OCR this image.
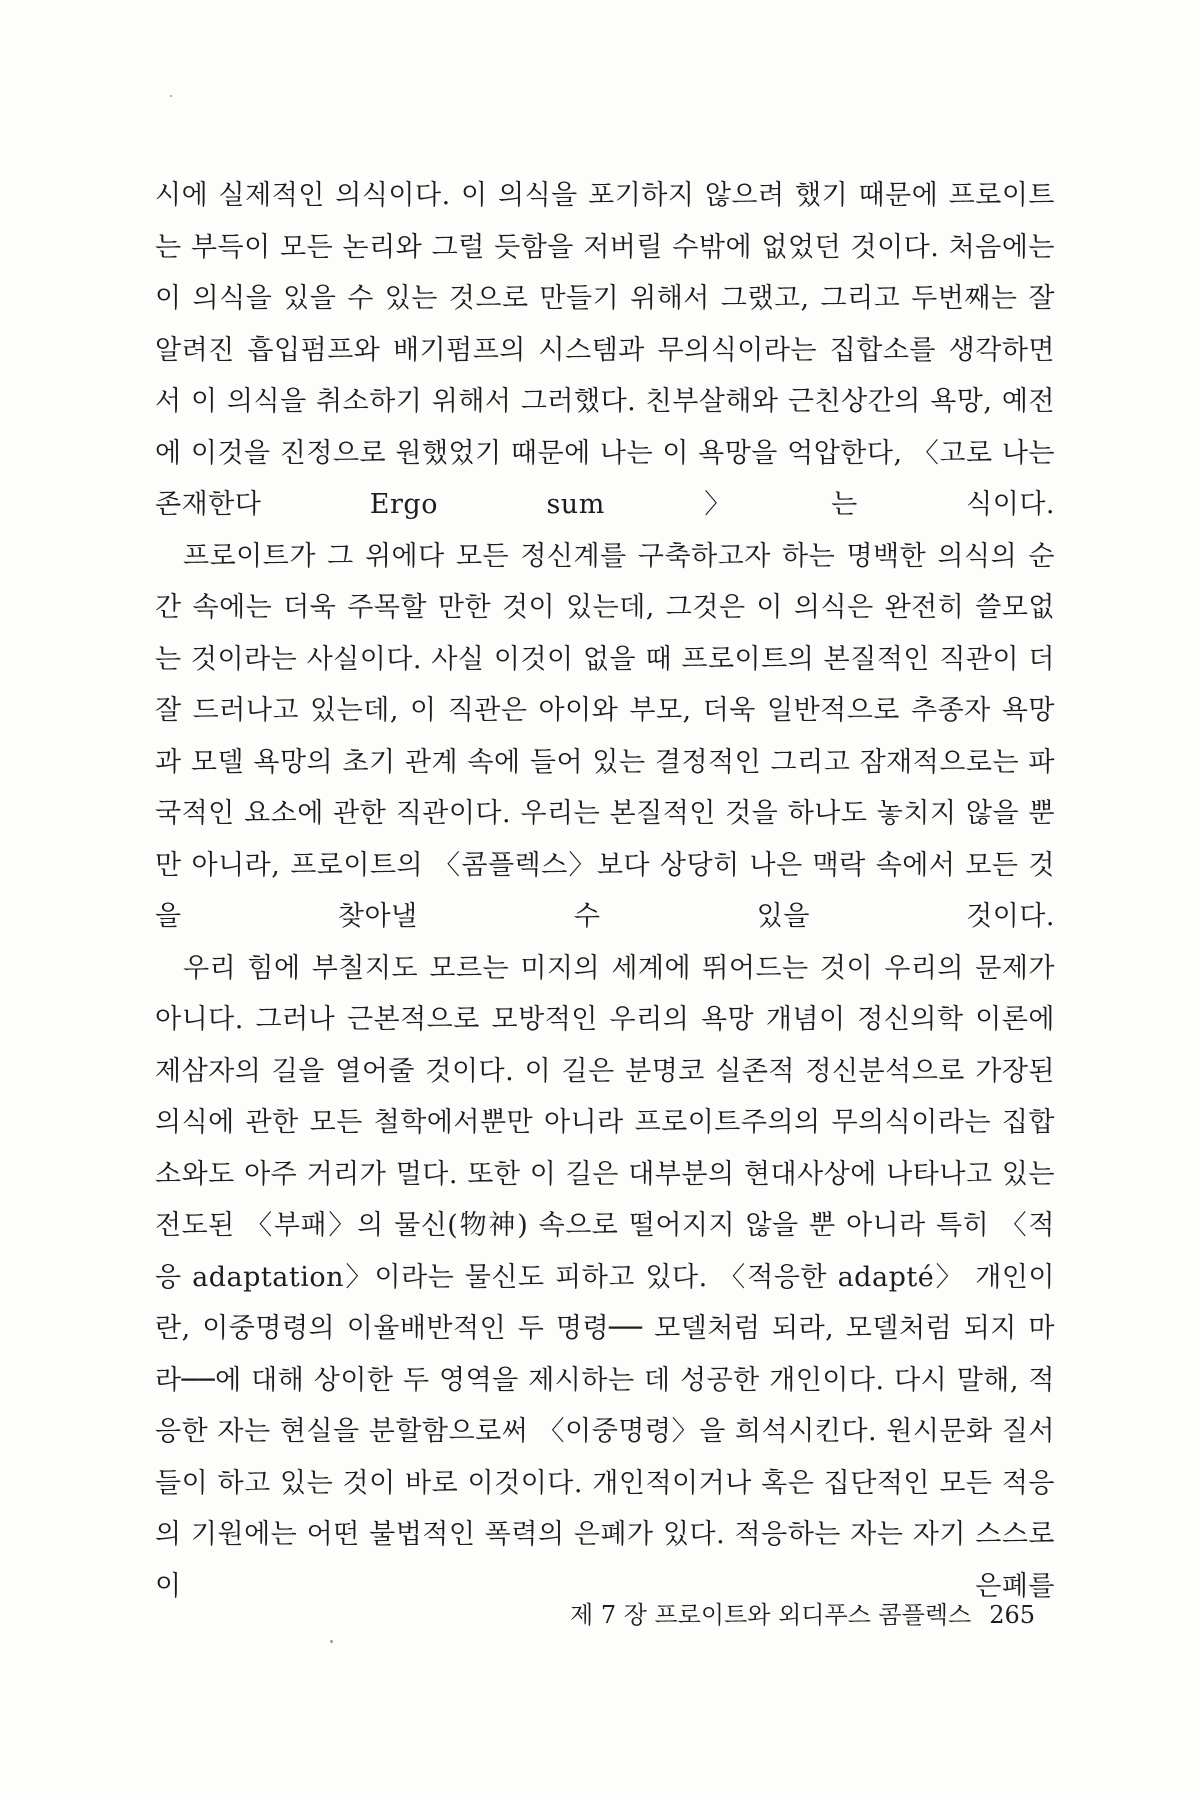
시에 실제적인 의식이다. 이 의식을 포기하지 않으려 했기 때문에 프로이트는 부득이 모든 논리와 그럴 듯함을 저버릴 수밖에 없었던 것이다. 처음에는 이 의식을 있을 수 있는 것으로 만들기 위해서 그랬고, 그리고 두번째는 잘 알려진 흡입펌프와 배기펌프의 시스템과 무의식이라는 집합소를 생각하면서 이 의식을 취소하기 위해서 그러했다. 친부살해와 근친상간의 욕망, 예전에 이것을 진정으로 원했었기 때문에 나는 이 욕망을 억압한다, 〈고로 나는 존재한다 Ergo sum〉는 식이다.

프로이트가 그 위에다 모든 정신계를 구축하고자 하는 명백한 의식의 순간 속에는 더욱 주목할 만한 것이 있는데, 그것은 이 의식은 완전히 쓸모없는 것이라는 사실이다. 사실 이것이 없을 때 프로이트의 본질적인 직관이 더 잘 드러나고 있는데, 이 직관은 아이와 부모, 더욱 일반적으로 추종자 욕망과 모델 욕망의 초기 관계 속에 들어 있는 결정적인 그리고 잠재적으로는 파국적인 요소에 관한 직관이다. 우리는 본질적인 것을 하나도 놓치지 않을 뿐만 아니라, 프로이트의 〈콤플렉스〉보다 상당히 나은 맥락 속에서 모든 것을 찾아낼 수 있을 것이다.

우리 힘에 부칠지도 모르는 미지의 세계에 뛰어드는 것이 우리의 문제가 아니다. 그러나 근본적으로 모방적인 우리의 욕망 개념이 정신의학 이론에 제삼자의 길을 열어줄 것이다. 이 길은 분명코 실존적 정신분석으로 가장된 의식에 관한 모든 철학에서뿐만 아니라 프로이트주의의 무의식이라는 집합소와도 아주 거리가 멀다. 또한 이 길은 대부분의 현대사상에 나타나고 있는 전도된 〈부패〉의 물신(物神) 속으로 떨어지지 않을 뿐 아니라 특히 〈적응 adaptation〉이라는 물신도 피하고 있다. 〈적응한 adapté〉 개인이란, 이중명령의 이율배반적인 두 명령── 모델처럼 되라, 모델처럼 되지 마라──에 대해 상이한 두 영역을 제시하는 데 성공한 개인이다. 다시 말해, 적응한 자는 현실을 분할함으로써 〈이중명령〉을 희석시킨다. 원시문화 질서들이 하고 있는 것이 바로 이것이다. 개인적이거나 혹은 집단적인 모든 적응의 기원에는 어떤 불법적인 폭력의 은폐가 있다. 적응하는 자는 자기 스스로 이 은폐를

제 7 장 프로이트와 외디푸스 콤플렉스 265
